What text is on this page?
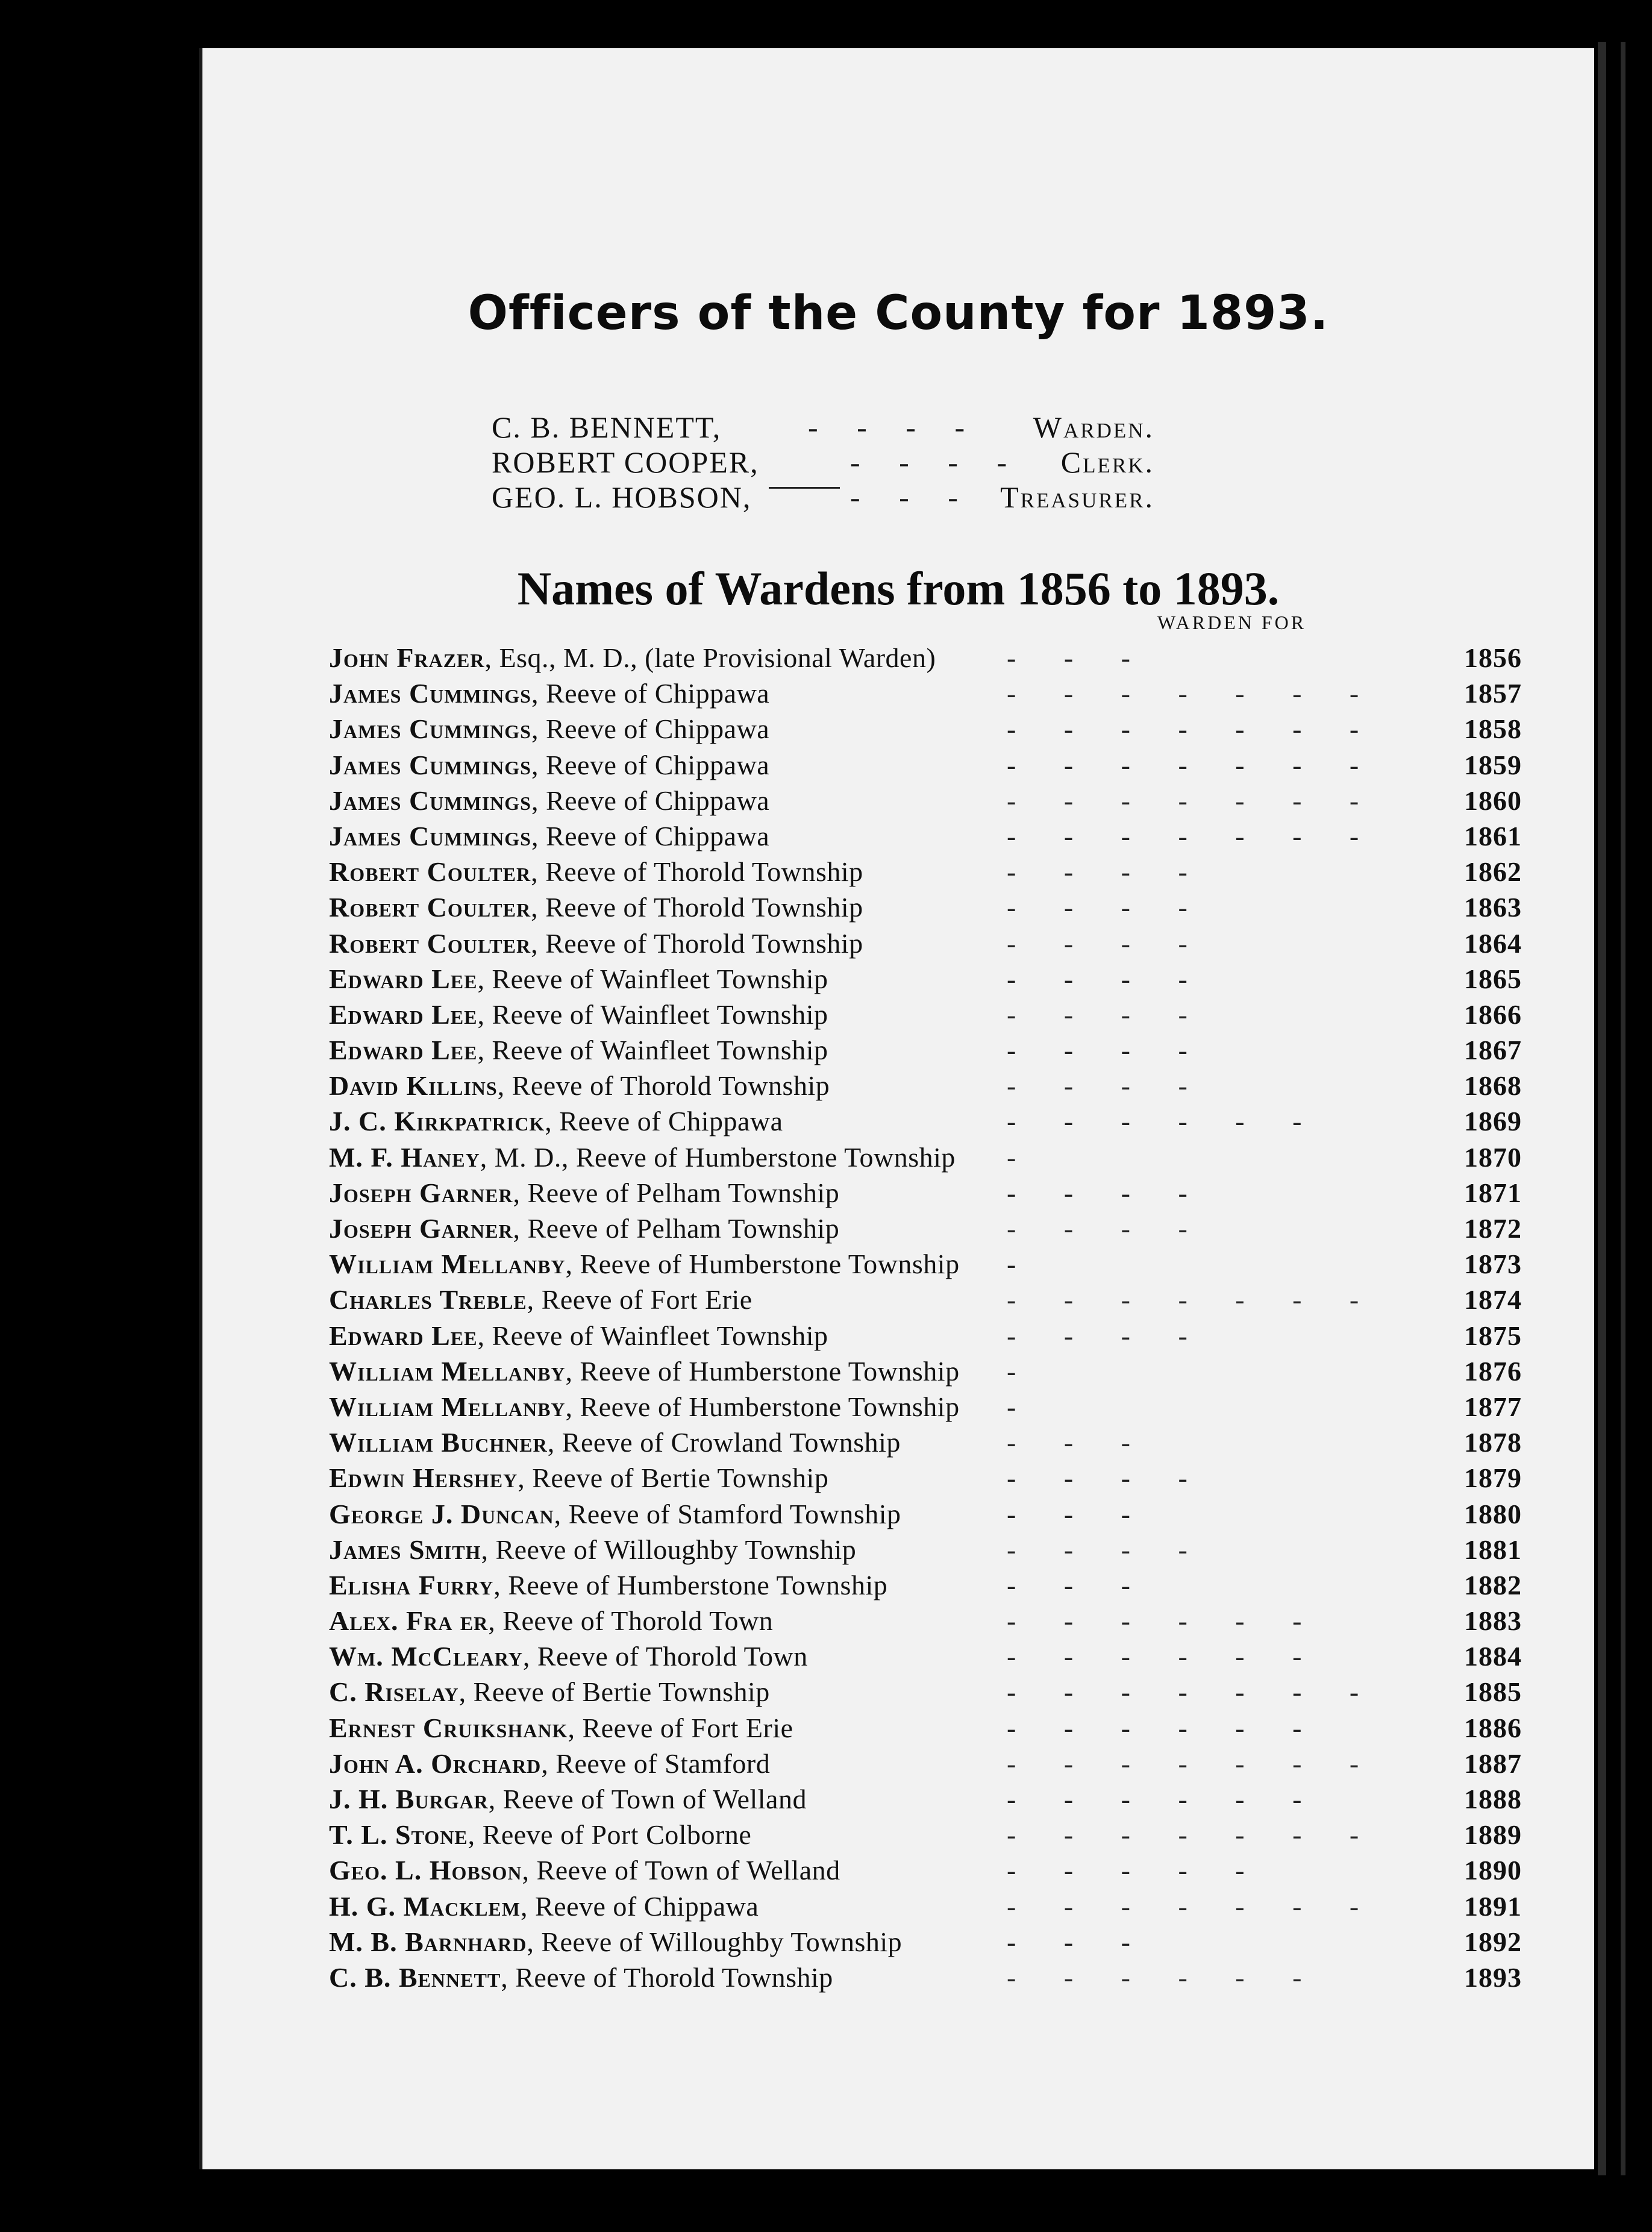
Officers of the County for 1893.
C. B. BENNETT,	- - - - Warden.
ROBERT COOPER,	- - - - Clerk.
GEO. L. HOBSON,	- - - Treasurer.
Names of Wardens from 1856 to 1893.
WARDEN FOR
John Frazer, Esq., M. D., (late Provisional Warden)	- - -	1856
James Cummings, Reeve of Chippawa	- - - - - - -	1857
James Cummings, Reeve of Chippawa	- - - - - - -	1858
James Cummings, Reeve of Chippawa	- - - - - - -	1859
James Cummings, Reeve of Chippawa	- - - - - - -	1860
James Cummings, Reeve of Chippawa	- - - - - - -	1861
Robert Coulter, Reeve of Thorold Township	- - - -	1862
Robert Coulter, Reeve of Thorold Township	- - - -	1863
Robert Coulter, Reeve of Thorold Township	- - - -	1864
Edward Lee, Reeve of Wainfleet Township	- - - -	1865
Edward Lee, Reeve of Wainfleet Township	- - - -	1866
Edward Lee, Reeve of Wainfleet Township	- - - -	1867
David Killins, Reeve of Thorold Township	- - - -	1868
J. C. Kirkpatrick, Reeve of Chippawa	- - - - - -	1869
M. F. Haney, M. D., Reeve of Humberstone Township -	1870
Joseph Garner, Reeve of Pelham Township	- - - -	1871
Joseph Garner, Reeve of Pelham Township	- - - -	1872
William Mellanby, Reeve of Humberstone Township -	1873
Charles Treble, Reeve of Fort Erie	- - - - - - -	1874
Edward Lee, Reeve of Wainfleet Township	- - - -	1875
William Mellanby, Reeve of Humberstone Township -	1876
William Mellanby, Reeve of Humberstone Township -	1877
William Buchner, Reeve of Crowland Township	- - -	1878
Edwin Hershey, Reeve of Bertie Township	- - - -	1879
George J. Duncan, Reeve of Stamford Township	- - -	1880
James Smith, Reeve of Willoughby Township	- - - -	1881
Elisha Furry, Reeve of Humberstone Township	- - -	1882
Alex. Fra er, Reeve of Thorold Town	- - - - - -	1883
Wm. McCleary, Reeve of Thorold Town	- - - - - -	1884
C. Riselay, Reeve of Bertie Township	- - - - - - -	1885
Ernest Cruikshank, Reeve of Fort Erie	- - - - - -	1886
John A. Orchard, Reeve of Stamford	- - - - - - -	1887
J. H. Burgar, Reeve of Town of Welland	- - - - - -	1888
T. L. Stone, Reeve of Port Colborne	- - - - - - -	1889
Geo. L. Hobson, Reeve of Town of Welland	- - - - -	1890
H. G. Macklem, Reeve of Chippawa	- - - - - - -	1891
M. B. Barnhard, Reeve of Willoughby Township	- - -	1892
C. B. Bennett, Reeve of Thorold Township	- - - - - -	1893
